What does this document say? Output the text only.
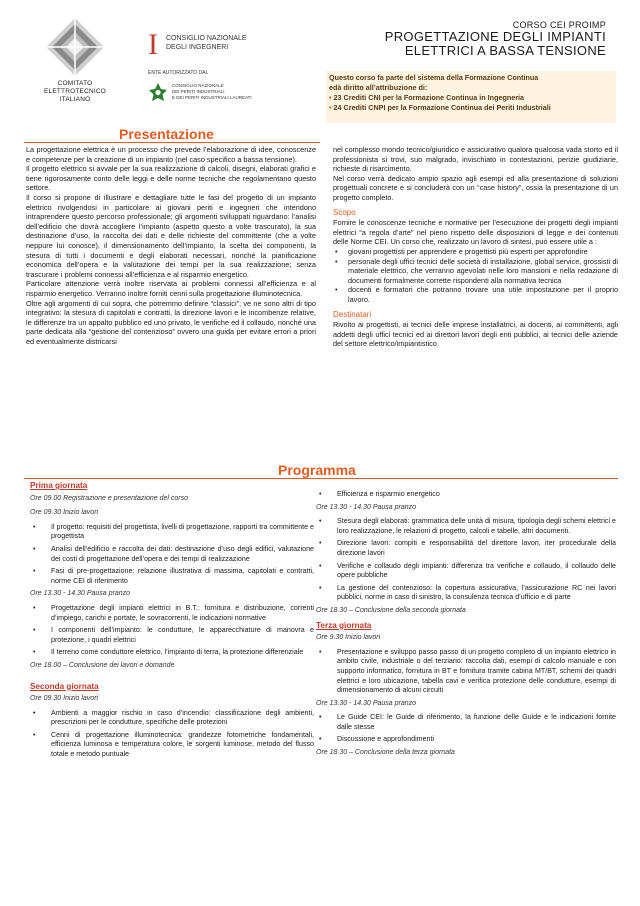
COMITATO
ELETTROTECNICO
ITALIANO
I CONSIGLIO NAZIONALE
DEGLI INGEGNERI
ENTE AUTORIZZATO DAL
CONSIGLIO NAZIONALE
DEI PERITI INDUSTRIALI
E DEI PERITI INDUSTRIALI LAUREATI
CORSO CEI PROIMP
PROGETTAZIONE DEGLI IMPIANTI
ELETTRICI A BASSA TENSIONE
Questo corso fa parte del sistema della Formazione Continua
edà diritto all’attribuzione di:
• 23 Crediti CNI per la Formazione Continua in Ingegneria
• 24 Crediti CNPI per la Formazione Continua dei Periti Industriali
Presentazione

La progettazione elettrica è un processo che prevede l’elaborazione di idee, conoscenze e competenze per la creazione di un impianto (nel caso specifico a bassa tensione).

Il progetto elettrico si avvale per la sua realizzazione di calcoli, disegni, elaborati grafici e tiene rigorosamente conto delle leggi e delle norme tecniche che regolamentano questo settore.

Il corso si propone di illustrare e dettagliare tutte le fasi del progetto di un impianto elettrico rivolgendosi in particolare ai giovani periti e ingegneri che intendono intraprendere questo percorso professionale; gli argomenti sviluppati riguardano: l’analisi dell’edificio che dovrà accogliere l’impianto (aspetto questo a volte trascurato), la sua destinazione d’uso, la raccolta dei dati e delle richieste del committente (che a volte neppure lui conosce), il dimensionamento dell’impianto, la scelta dei componenti, la stesura di tutti i documenti e degli elaborati necessari, nonché la pianificazione economica dell’opera e la valutazione dei tempi per la sua realizzazione; senza trascurare i problemi connessi all’efficienza e al risparmio energetico.

Particolare attenzione verrà inoltre riservata ai problemi connessi all’efficienza e al risparmio energetico. Verranno inoltre forniti cenni sulla progettazione illuminotecnica.

Oltre agli argomenti di cui sopra, che potremmo definire “classici”, ve ne sono altri di tipo integrativo: la stesura di capitolati e contratti, la direzione lavori e le incombenze relative, le differenze tra un appalto pubblico ed uno privato, le verifiche ed il collaudo, nonché una parte dedicata alla “gestione del contenzioso” ovvero una guida per evitare errori a priori ed eventualmente districarsi

nel complesso mondo tecnico/giuridico e assicurativo qualora qualcosa vada storto ed il professionista si trovi, suo malgrado, invischiato in contestazioni, perizie giudiziarie, richieste di risarcimento.

Nel corso verrà dedicato ampio spazio agli esempi ed alla presentazione di soluzioni progettuali concrete e si concluderà con un “case history”, ossia la presentazione di un progetto completo.

Scopo

Fornire le conoscenze tecniche e normative per l’esecuzione dei progetti degli impianti elettrici “a regola d’arte” nel pieno rispetto delle disposizioni di legge e dei contenuti delle Norme CEI. Un corso che, realizzato un lavoro di sintesi, può essere utile a :

• giovani progettisti per apprendere e progettisti più esperti per approfondire
• personale degli uffici tecnici delle società di installazione, global service, grossisti di materiale elettrico, che verranno agevolati nelle loro mansioni e nella redazione di documenti formalmente corrette rispondenti alla normativa tecnica
• docenti e formatori che potranno trovare una utile impostazione per il proprio lavoro.
Destinatari

Rivolto ai progettisti, ai tecnici delle imprese installatrici, ai docenti, ai committenti, agli addetti degli uffici tecnici ed ai direttori lavori degli enti pubblici, ai tecnici delle aziende del settore elettrico/impiantistico.

Programma
Prima giornata
Ore 09.00 Registrazione e presentazione del corso
Ore 09.30 Inizio lavori
• Il progetto: requisiti del progettista, livelli di progettazione, rapporti tra committente e progettista
• Analisi dell’edificio e raccolta dei dati: destinazione d’uso degli edifici, valutazione dei costi di progettazione dell’opera e dei tempi di realizzazione
• Fasi di pre-progettazione: relazione illustrativa di massima, capitolati e contratti, norme CEI di riferimento
Ore 13.30 - 14.30 Pausa pranzo
• Progettazione degli impianti elettrici in B.T.: fornitura e distribuzione, correnti d’impiego, carichi e portate, le sovracorrenti, le indicazioni normative
• I componenti dell’impianto: le condutture, le apparecchiature di manovra e protezione, i quadri elettrici
• Il terreno come conduttore elettrico, l’impianto di terra, la protezione differenziale
Ore 18.00 – Conclusione dei lavori e domande
Seconda giornata
Ore 09.30 Inizio lavori
• Ambienti a maggior rischio in caso d’incendio: classificazione degli ambienti, prescrizioni per le condutture, specifiche delle protezioni
• Cenni di progettazione illuminotecnica: grandezze fotometriche fondamentali, efficienza luminosa e temperatura colore, le sorgenti luminose, metodo del flusso totale e metodo puntuale
• Efficienza e risparmio energetico
Ore 13.30 - 14.30 Pausa pranzo
• Stesura degli elaborati: grammatica delle unità di misura, tipologia degli schemi elettrici e loro realizzazione, le relazioni di progetto, calcoli e tabelle, altri documenti.
• Direzione lavori: compiti e responsabilità del direttore lavori, iter procedurale della direzione lavori
• Verifiche e collaudo degli impianti: differenza tra verifiche e collaudo, il collaudo delle opere pubbliche
• La gestione del contenzioso: la copertura assicurativa, l’assicurazione RC nei lavori pubblici, norme in caso di sinistro, la consulenza tecnica d’ufficio e di parte
Ore 18.30 – Conclusione della seconda giornata
Terza giornata
Ore 9.30 Inizio lavori
• Presentazione e sviluppo passo passo di un progetto completo di un impianto elettrico in ambito civile, industriale o del terziario: raccolta dati, esempi di calcolo manuale e con supporto informatico, fornitura in BT e fornitura tramite cabina MT/BT, schemi dei quadri elettrici e loro ubicazione, tabella cavi e verifica protezione delle condutture, esempi di dimensionamento di alcuni circuiti
Ore 13.30 - 14.30 Pausa pranzo
• Le Guide CEI: le Guide di riferimento, la funzione delle Guide e le indicazioni fornite dalle stesse
• Discussione e approfondimenti
Ore 18.30 – Conclusione della terza giornata
